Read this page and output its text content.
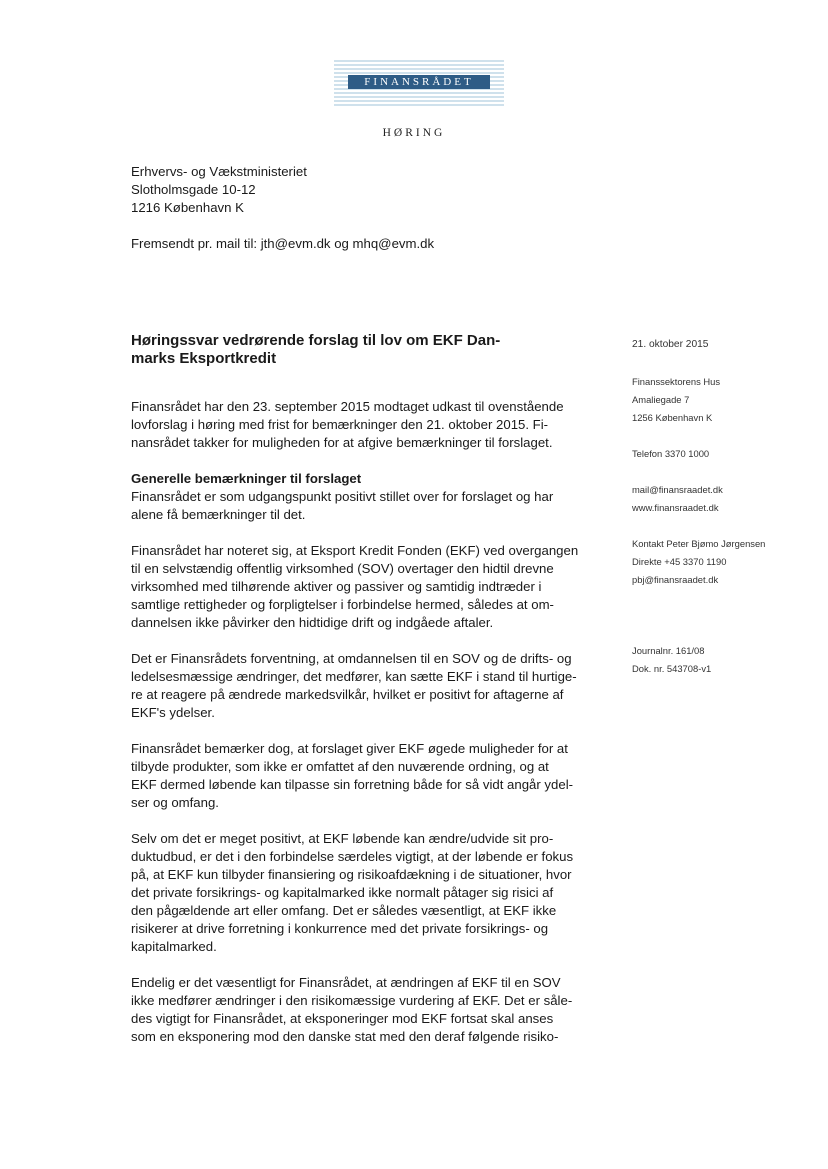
FINANSRÅDET
HØRING
Erhvervs- og Vækstministeriet
Slotholmsgade 10-12
1216 København K
Fremsendt pr. mail til: jth@evm.dk og mhq@evm.dk
Høringssvar vedrørende forslag til lov om EKF Dan-
marks Eksportkredit
Finansrådet har den 23. september 2015 modtaget udkast til ovenstående
lovforslag i høring med frist for bemærkninger den 21. oktober 2015. Fi-
nansrådet takker for muligheden for at afgive bemærkninger til forslaget.
Generelle bemærkninger til forslaget
Finansrådet er som udgangspunkt positivt stillet over for forslaget og har
alene få bemærkninger til det.
Finansrådet har noteret sig, at Eksport Kredit Fonden (EKF) ved overgangen
til en selvstændig offentlig virksomhed (SOV) overtager den hidtil drevne
virksomhed med tilhørende aktiver og passiver og samtidig indtræder i
samtlige rettigheder og forpligtelser i forbindelse hermed, således at om-
dannelsen ikke påvirker den hidtidige drift og indgåede aftaler.
Det er Finansrådets forventning, at omdannelsen til en SOV og de drifts- og
ledelsesmæssige ændringer, det medfører, kan sætte EKF i stand til hurtige-
re at reagere på ændrede markedsvilkår, hvilket er positivt for aftagerne af
EKF's ydelser.
Finansrådet bemærker dog, at forslaget giver EKF øgede muligheder for at
tilbyde produkter, som ikke er omfattet af den nuværende ordning, og at
EKF dermed løbende kan tilpasse sin forretning både for så vidt angår ydel-
ser og omfang.
Selv om det er meget positivt, at EKF løbende kan ændre/udvide sit pro-
duktudbud, er det i den forbindelse særdeles vigtigt, at der løbende er fokus
på, at EKF kun tilbyder finansiering og risikoafdækning i de situationer, hvor
det private forsikrings- og kapitalmarked ikke normalt påtager sig risici af
den pågældende art eller omfang. Det er således væsentligt, at EKF ikke
risikerer at drive forretning i konkurrence med det private forsikrings- og
kapitalmarked.
Endelig er det væsentligt for Finansrådet, at ændringen af EKF til en SOV
ikke medfører ændringer i den risikomæssige vurdering af EKF. Det er såle-
des vigtigt for Finansrådet, at eksponeringer mod EKF fortsat skal anses
som en eksponering mod den danske stat med den deraf følgende risiko-
21. oktober 2015
Finanssektorens Hus
Amaliegade 7
1256 København K
Telefon 3370 1000
mail@finansraadet.dk
www.finansraadet.dk
Kontakt Peter Bjømo Jørgensen
Direkte +45 3370 1190
pbj@finansraadet.dk
Journalnr. 161/08
Dok. nr. 543708-v1
